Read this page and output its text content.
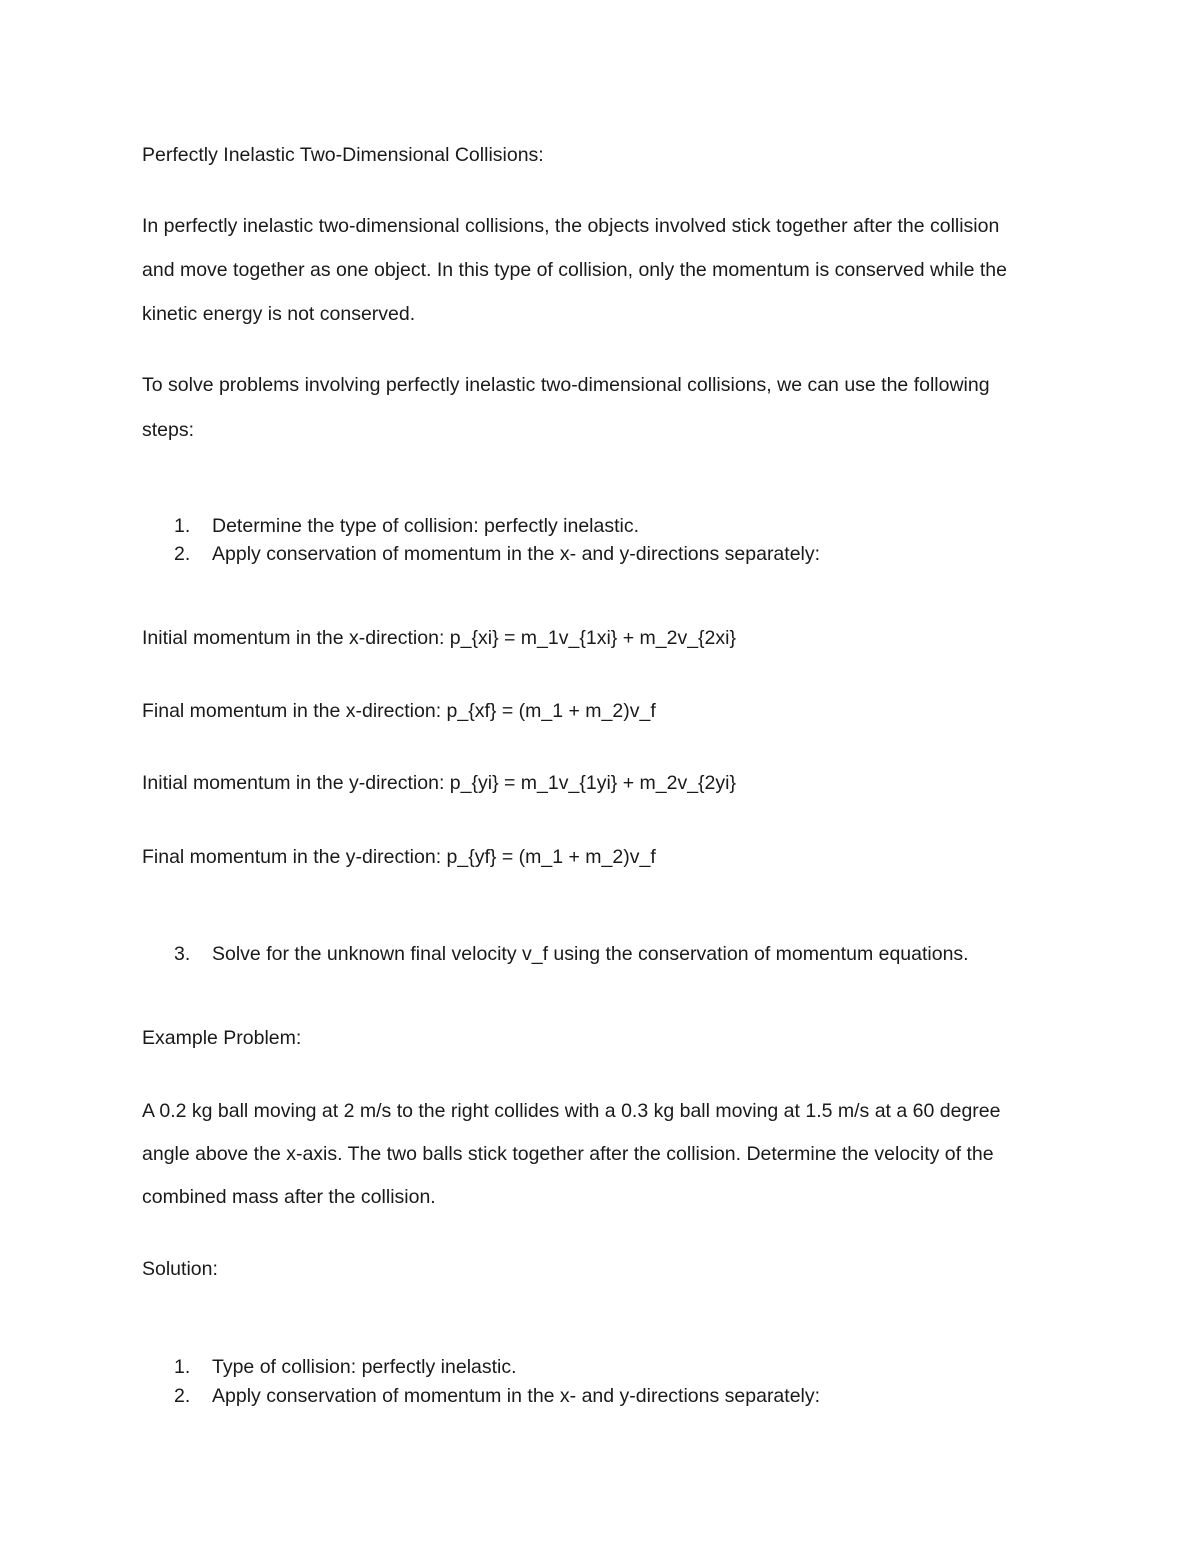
Perfectly Inelastic Two-Dimensional Collisions:

In perfectly inelastic two-dimensional collisions, the objects involved stick together after the collision

and move together as one object. In this type of collision, only the momentum is conserved while the

kinetic energy is not conserved.

To solve problems involving perfectly inelastic two-dimensional collisions, we can use the following

steps:

1. Determine the type of collision: perfectly inelastic.

2. Apply conservation of momentum in the x- and y-directions separately:

Initial momentum in the x-direction: p_{xi} = m_1v_{1xi} + m_2v_{2xi}

Final momentum in the x-direction: p_{xf} = (m_1 + m_2)v_f

Initial momentum in the y-direction: p_{yi} = m_1v_{1yi} + m_2v_{2yi}

Final momentum in the y-direction: p_{yf} = (m_1 + m_2)v_f

3. Solve for the unknown final velocity v_f using the conservation of momentum equations.

Example Problem:

A 0.2 kg ball moving at 2 m/s to the right collides with a 0.3 kg ball moving at 1.5 m/s at a 60 degree

angle above the x-axis. The two balls stick together after the collision. Determine the velocity of the

combined mass after the collision.

Solution:

1. Type of collision: perfectly inelastic.

2. Apply conservation of momentum in the x- and y-directions separately:
